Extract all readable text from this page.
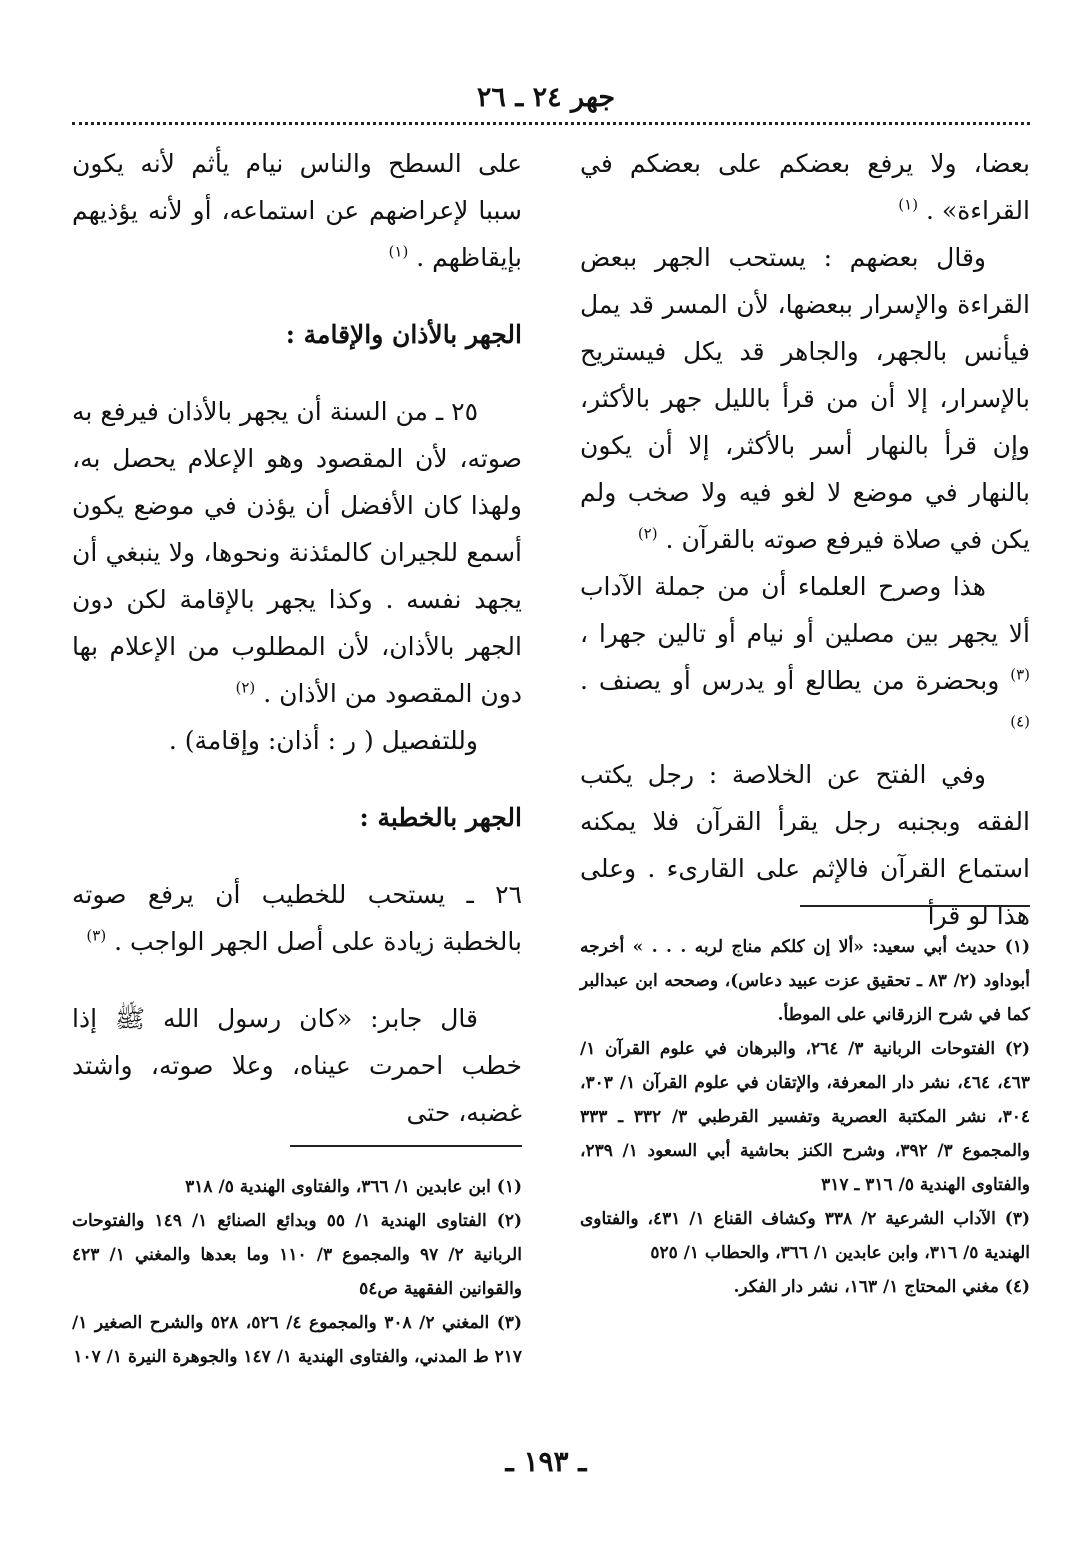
جهر ٢٤ ـ ٢٦

بعضا، ولا يرفع بعضكم على بعضكم في القراءة» . $^{(١)}$

وقال بعضهم : يستحب الجهر ببعض القراءة والإسرار ببعضها، لأن المسر قد يمل فيأنس بالجهر، والجاهر قد يكل فيستريح بالإسرار، إلا أن من قرأ بالليل جهر بالأكثر، وإن قرأ بالنهار أسر بالأكثر، إلا أن يكون بالنهار في موضع لا لغو فيه ولا صخب ولم يكن في صلاة فيرفع صوته بالقرآن . $^{(٢)}$

هذا وصرح العلماء أن من جملة الآداب ألا يجهر بين مصلين أو نيام أو تالين جهرا ، $^{(٣)}$ وبحضرة من يطالع أو يدرس أو يصنف . $^{(٤)}$

وفي الفتح عن الخلاصة : رجل يكتب الفقه وبجنبه رجل يقرأ القرآن فلا يمكنه استماع القرآن فالإثم على القارىء . وعلى هذا لو قرأ

على السطح والناس نيام يأثم لأنه يكون سببا لإعراضهم عن استماعه، أو لأنه يؤذيهم بإيقاظهم . $^{(١)}$

الجهر بالأذان والإقامة :

٢٥ ـ من السنة أن يجهر بالأذان فيرفع به صوته، لأن المقصود وهو الإعلام يحصل به، ولهذا كان الأفضل أن يؤذن في موضع يكون أسمع للجيران كالمئذنة ونحوها، ولا ينبغي أن يجهد نفسه . وكذا يجهر بالإقامة لكن دون الجهر بالأذان، لأن المطلوب من الإعلام بها دون المقصود من الأذان . $^{(٢)}$

وللتفصيل ( ر : أذان: وإقامة) .

الجهر بالخطبة :

٢٦ ـ يستحب للخطيب أن يرفع صوته بالخطبة زيادة على أصل الجهر الواجب . $^{(٣)}$

قال جابر: «كان رسول الله ﷺ إذا خطب احمرت عيناه، وعلا صوته، واشتد غضبه، حتى

(١) حديث أبي سعيد: «ألا إن كلكم مناج لربه . . . » أخرجه أبوداود (٢/ ٨٣ ـ تحقيق عزت عبيد دعاس)، وصححه ابن عبدالبر كما في شرح الزرقاني على الموطأ.

(٢) الفتوحات الربانية ٣/ ٢٦٤، والبرهان في علوم القرآن ١/ ٤٦٣، ٤٦٤، نشر دار المعرفة، والإتقان في علوم القرآن ١/ ٣٠٣، ٣٠٤، نشر المكتبة العصرية وتفسير القرطبي ٣/ ٣٣٢ ـ ٣٣٣ والمجموع ٣/ ٣٩٢، وشرح الكنز بحاشية أبي السعود ١/ ٢٣٩، والفتاوى الهندية ٥/ ٣١٦ ـ ٣١٧

(٣) الآداب الشرعية ٢/ ٣٣٨ وكشاف القناع ١/ ٤٣١، والفتاوى الهندية ٥/ ٣١٦، وابن عابدين ١/ ٣٦٦، والحطاب ١/ ٥٢٥

(٤) مغني المحتاج ١/ ١٦٣، نشر دار الفكر.

(١) ابن عابدين ١/ ٣٦٦، والفتاوى الهندية ٥/ ٣١٨

(٢) الفتاوى الهندية ١/ ٥٥ وبدائع الصنائع ١/ ١٤٩ والفتوحات الربانية ٢/ ٩٧ والمجموع ٣/ ١١٠ وما بعدها والمغني ١/ ٤٢٣ والقوانين الفقهية ص٥٤

(٣) المغني ٢/ ٣٠٨ والمجموع ٤/ ٥٢٦، ٥٢٨ والشرح الصغير ١/ ٢١٧ ط المدني، والفتاوى الهندية ١/ ١٤٧ والجوهرة النيرة ١/ ١٠٧

ـ ١٩٣ ـ
